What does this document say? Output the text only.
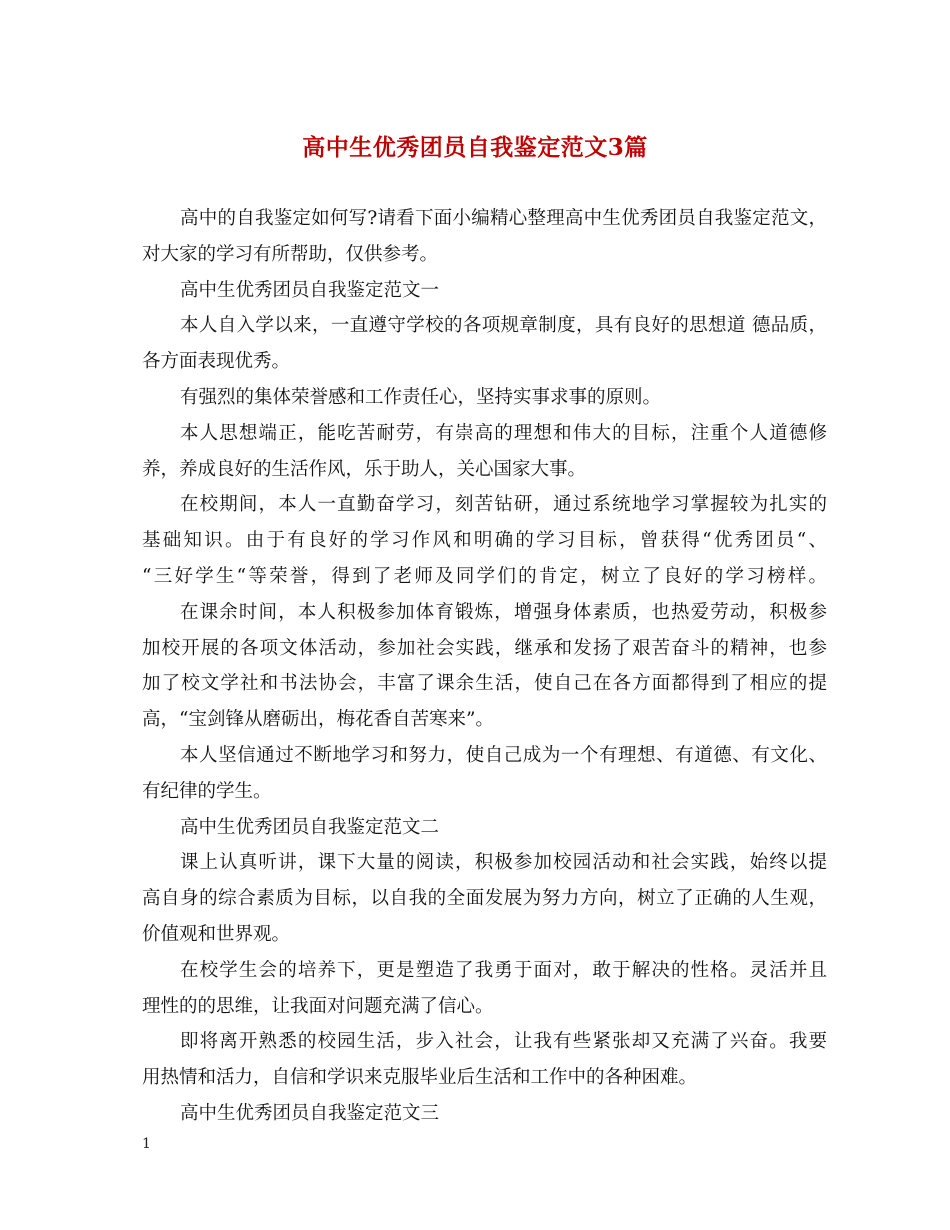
高中生优秀团员自我鉴定范文3篇
高中的自我鉴定如何写?请看下面小编精心整理高中生优秀团员自我鉴定范文，
对大家的学习有所帮助，仅供参考。
高中生优秀团员自我鉴定范文一
本人自入学以来，一直遵守学校的各项规章制度，具有良好的思想道 德品质，
各方面表现优秀。
有强烈的集体荣誉感和工作责任心，坚持实事求事的原则。
本人思想端正，能吃苦耐劳，有崇高的理想和伟大的目标，注重个人道德修
养，养成良好的生活作风，乐于助人，关心国家大事。
在校期间，本人一直勤奋学习，刻苦钻研，通过系统地学习掌握较为扎实的
基础知识。由于有良好的学习作风和明确的学习目标，曾获得“优秀团员“、
“三好学生“等荣誉，得到了老师及同学们的肯定，树立了良好的学习榜样。
在课余时间，本人积极参加体育锻炼，增强身体素质，也热爱劳动，积极参
加校开展的各项文体活动，参加社会实践，继承和发扬了艰苦奋斗的精神，也参
加了校文学社和书法协会，丰富了课余生活，使自己在各方面都得到了相应的提
高，“宝剑锋从磨砺出，梅花香自苦寒来”。
本人坚信通过不断地学习和努力，使自己成为一个有理想、有道德、有文化、
有纪律的学生。
高中生优秀团员自我鉴定范文二
课上认真听讲，课下大量的阅读，积极参加校园活动和社会实践，始终以提
高自身的综合素质为目标，以自我的全面发展为努力方向，树立了正确的人生观，
价值观和世界观。
在校学生会的培养下，更是塑造了我勇于面对，敢于解决的性格。灵活并且
理性的的思维，让我面对问题充满了信心。
即将离开熟悉的校园生活，步入社会，让我有些紧张却又充满了兴奋。我要
用热情和活力，自信和学识来克服毕业后生活和工作中的各种困难。
高中生优秀团员自我鉴定范文三
1
